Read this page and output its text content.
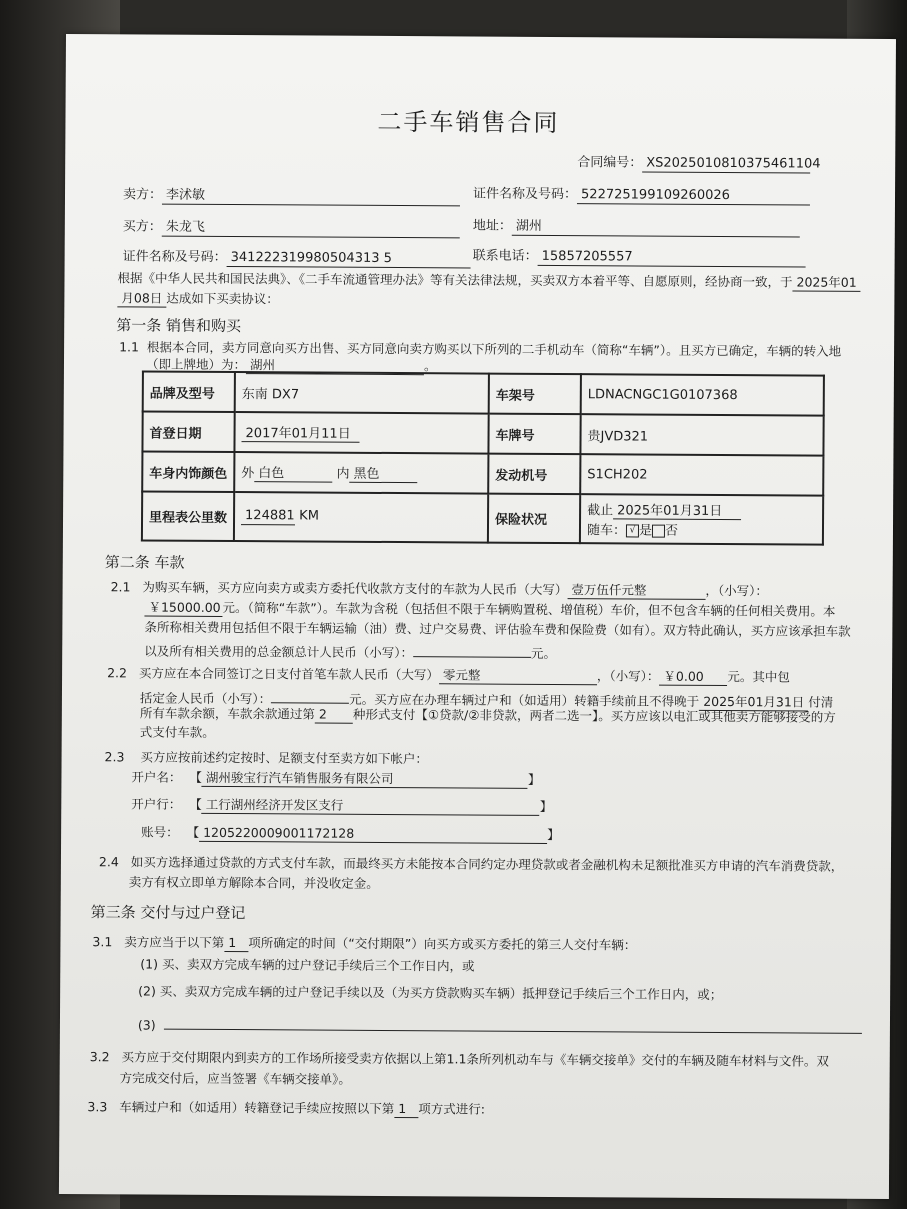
二手车销售合同
合同编号： XS2025010810375461104
卖方： 李沭敏	证件名称及号码： 522725199109260026
买方： 朱龙飞	地址： 湖州
证件名称及号码： 341222319980504313 5	联系电话： 15857205557
根据《中华人民共和国民法典》、《二手车流通管理办法》等有关法律法规，买卖双方本着平等、自愿原则，经协商一致，于 2025年01
月08日 达成如下买卖协议：
第一条 销售和购买
1.1 根据本合同，卖方同意向买方出售、买方同意向卖方购买以下所列的二手机动车（简称“车辆”）。且买方已确定，车辆的转入地
（即上牌地）为： 湖州	。
品牌及型号	东南 DX7	车架号	LDNACNGC1G0107368
首登日期	2017年01月11日	车牌号	贵JVD321
车身内饰颜色	外 白色 内 黑色	发动机号	S1CH202
里程表公里数	124881 KM	保险状况	截止 2025年01月31日
随车： √ 是 否
第二条 车款
2.1 为购买车辆，买方应向卖方或卖方委托代收款方支付的车款为人民币（大写） 壹万伍仟元整	，（小写）：
￥15000.00 元。（简称“车款”）。车款为含税（包括但不限于车辆购置税、增值税）车价，但不包含车辆的任何相关费用。本
条所称相关费用包括但不限于车辆运输（油）费、过户交易费、评估验车费和保险费（如有）。双方特此确认，买方应该承担车款
以及所有相关费用的总金额总计人民币（小写）：	元。
2.2 买方应在本合同签订之日支付首笔车款人民币（大写） 零元整	，（小写）： ￥0.00 元。其中包
括定金人民币（小写）：	元。买方应在办理车辆过户和（如适用）转籍手续前且不得晚于 2025年01月31日 付清
所有车款余额，车款余款通过第 2 种形式支付【①贷款/②非贷款，两者二选一】。买方应该以电汇或其他卖方能够接受的方
式支付车款。
2.3 买方应按前述约定按时、足额支付至卖方如下帐户：
开户名： 【 湖州骏宝行汽车销售服务有限公司	】
开户行： 【 工行湖州经济开发区支行	】
账号： 【 1205220009001172128	】
2.4 如买方选择通过贷款的方式支付车款，而最终买方未能按本合同约定办理贷款或者金融机构未足额批准买方申请的汽车消费贷款，
卖方有权立即单方解除本合同，并没收定金。
第三条 交付与过户登记
3.1 卖方应当于以下第 1 项所确定的时间（“交付期限”）向买方或买方委托的第三人交付车辆：
(1) 买、卖双方完成车辆的过户登记手续后三个工作日内，或
(2) 买、卖双方完成车辆的过户登记手续以及（为买方贷款购买车辆）抵押登记手续后三个工作日内，或；
(3)
3.2 买方应于交付期限内到卖方的工作场所接受卖方依据以上第1.1条所列机动车与《车辆交接单》交付的车辆及随车材料与文件。双
方完成交付后，应当签署《车辆交接单》。
3.3 车辆过户和（如适用）转籍登记手续应按照以下第 1 项方式进行:
